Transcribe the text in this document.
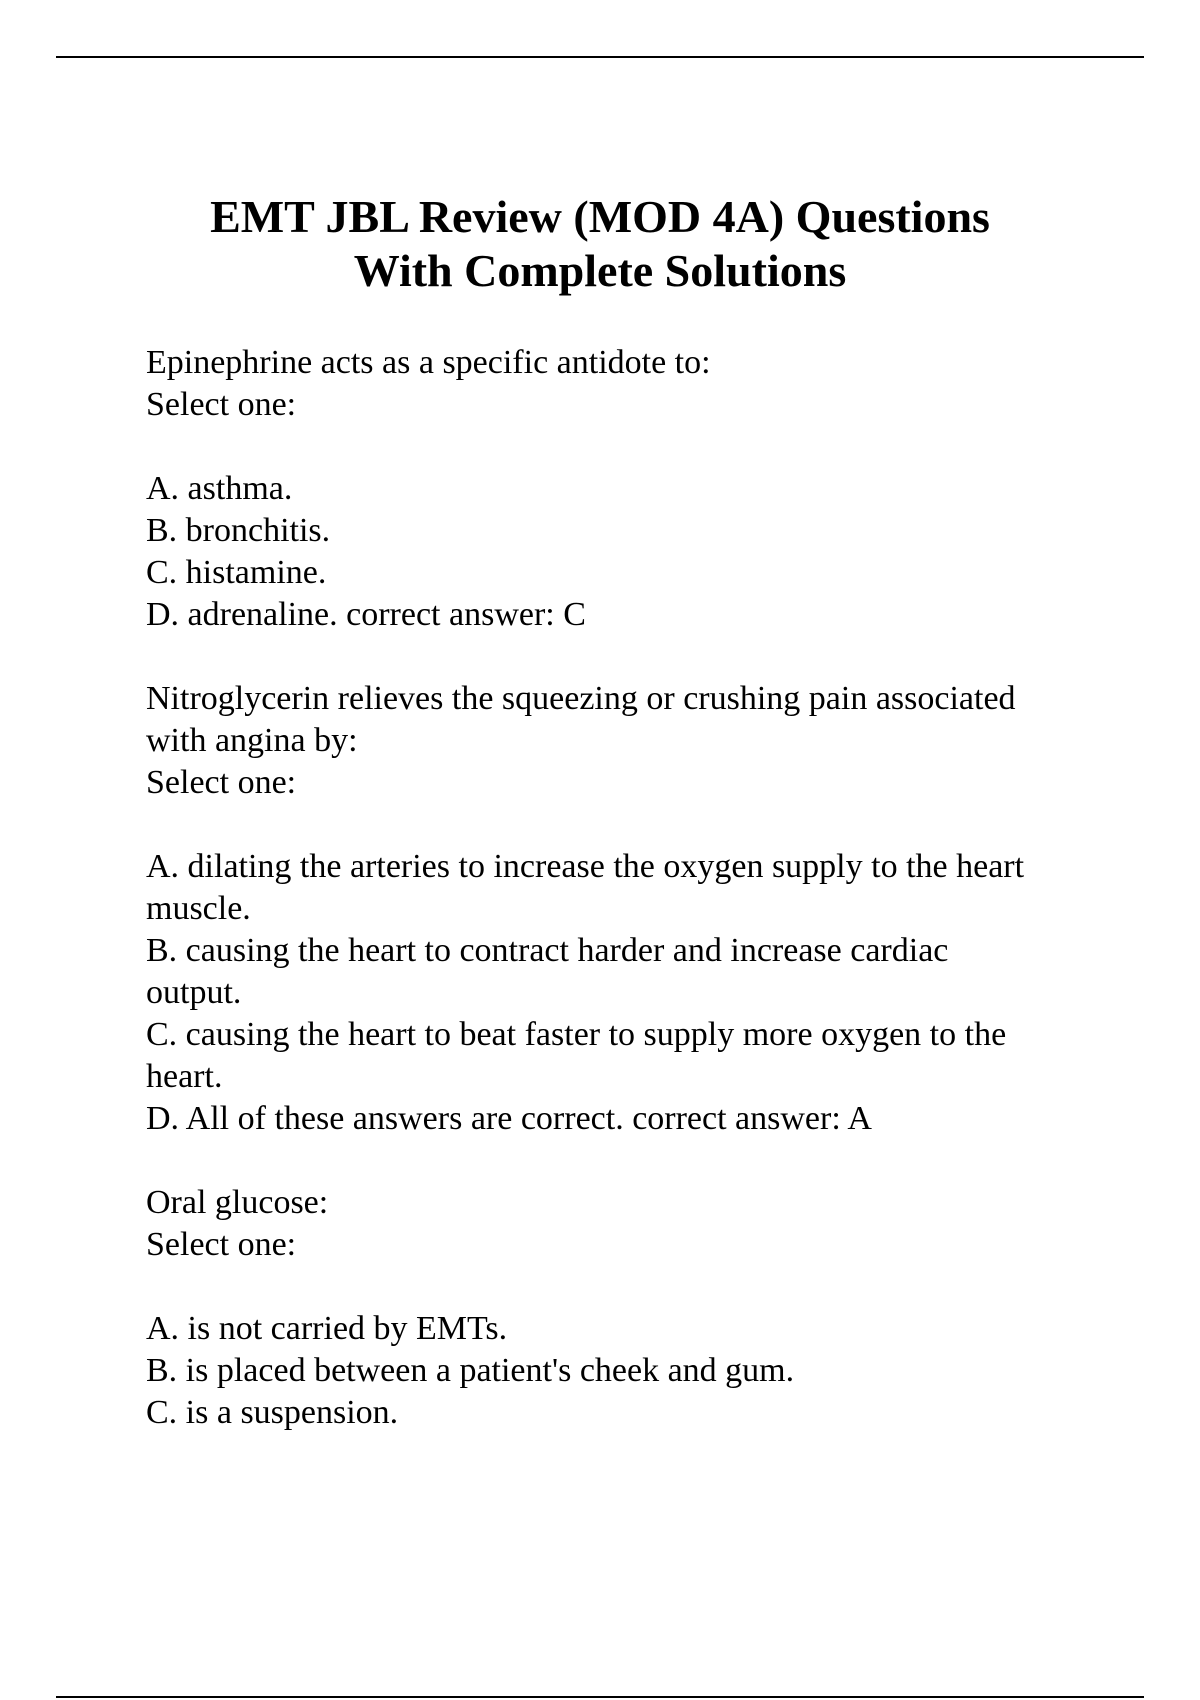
EMT JBL Review (MOD 4A) Questions
With Complete Solutions

Epinephrine acts as a specific antidote to:

Select one:

A. asthma.

B. bronchitis.

C. histamine.

D. adrenaline. correct answer: C

Nitroglycerin relieves the squeezing or crushing pain associated

with angina by:

Select one:

A. dilating the arteries to increase the oxygen supply to the heart

muscle.

B. causing the heart to contract harder and increase cardiac

output.

C. causing the heart to beat faster to supply more oxygen to the

heart.

D. All of these answers are correct. correct answer: A

Oral glucose:

Select one:

A. is not carried by EMTs.

B. is placed between a patient's cheek and gum.

C. is a suspension.
